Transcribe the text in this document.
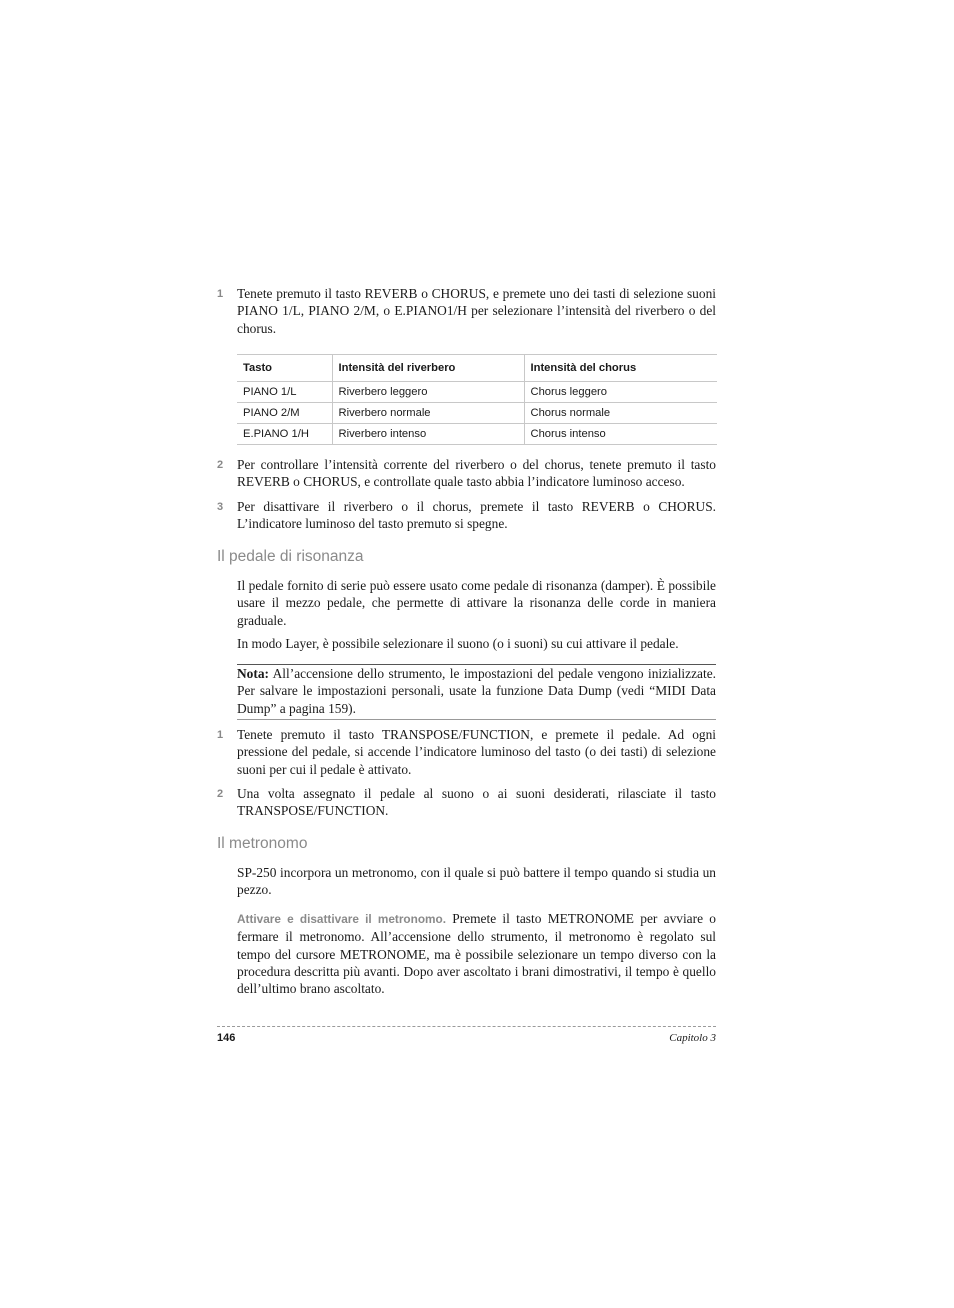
1	Tenete premuto il tasto REVERB o CHORUS, e premete uno dei tasti di selezione suoni PIANO 1/L, PIANO 2/M, o E.PIANO1/H per selezionare l’intensità del riverbero o del chorus.
Tasto	Intensità del riverbero	Intensità del chorus
PIANO 1/L	Riverbero leggero	Chorus leggero
PIANO 2/M	Riverbero normale	Chorus normale
E.PIANO 1/H	Riverbero intenso	Chorus intenso
2	Per controllare l’intensità corrente del riverbero o del chorus, tenete premuto il tasto REVERB o CHORUS, e controllate quale tasto abbia l’indicatore luminoso acceso.
3	Per disattivare il riverbero o il chorus, premete il tasto REVERB o CHORUS. L’indicatore luminoso del tasto premuto si spegne.
Il pedale di risonanza
Il pedale fornito di serie può essere usato come pedale di risonanza (damper). È possibile usare il mezzo pedale, che permette di attivare la risonanza delle corde in maniera graduale.
In modo Layer, è possibile selezionare il suono (o i suoni) su cui attivare il pedale.
Nota: All’accensione dello strumento, le impostazioni del pedale vengono inizializzate. Per salvare le impostazioni personali, usate la funzione Data Dump (vedi “MIDI Data Dump” a pagina 159).
1	Tenete premuto il tasto TRANSPOSE/FUNCTION, e premete il pedale. Ad ogni pressione del pedale, si accende l’indicatore luminoso del tasto (o dei tasti) di selezione suoni per cui il pedale è attivato.
2	Una volta assegnato il pedale al suono o ai suoni desiderati, rilasciate il tasto TRANSPOSE/FUNCTION.
Il metronomo
SP-250 incorpora un metronomo, con il quale si può battere il tempo quando si studia un pezzo.
Attivare e disattivare il metronomo. Premete il tasto METRONOME per avviare o fermare il metronomo. All’accensione dello strumento, il metronomo è regolato sul tempo del cursore METRONOME, ma è possibile selezionare un tempo diverso con la procedura descritta più avanti. Dopo aver ascoltato i brani dimostrativi, il tempo è quello dell’ultimo brano ascoltato.
146	Capitolo 3
